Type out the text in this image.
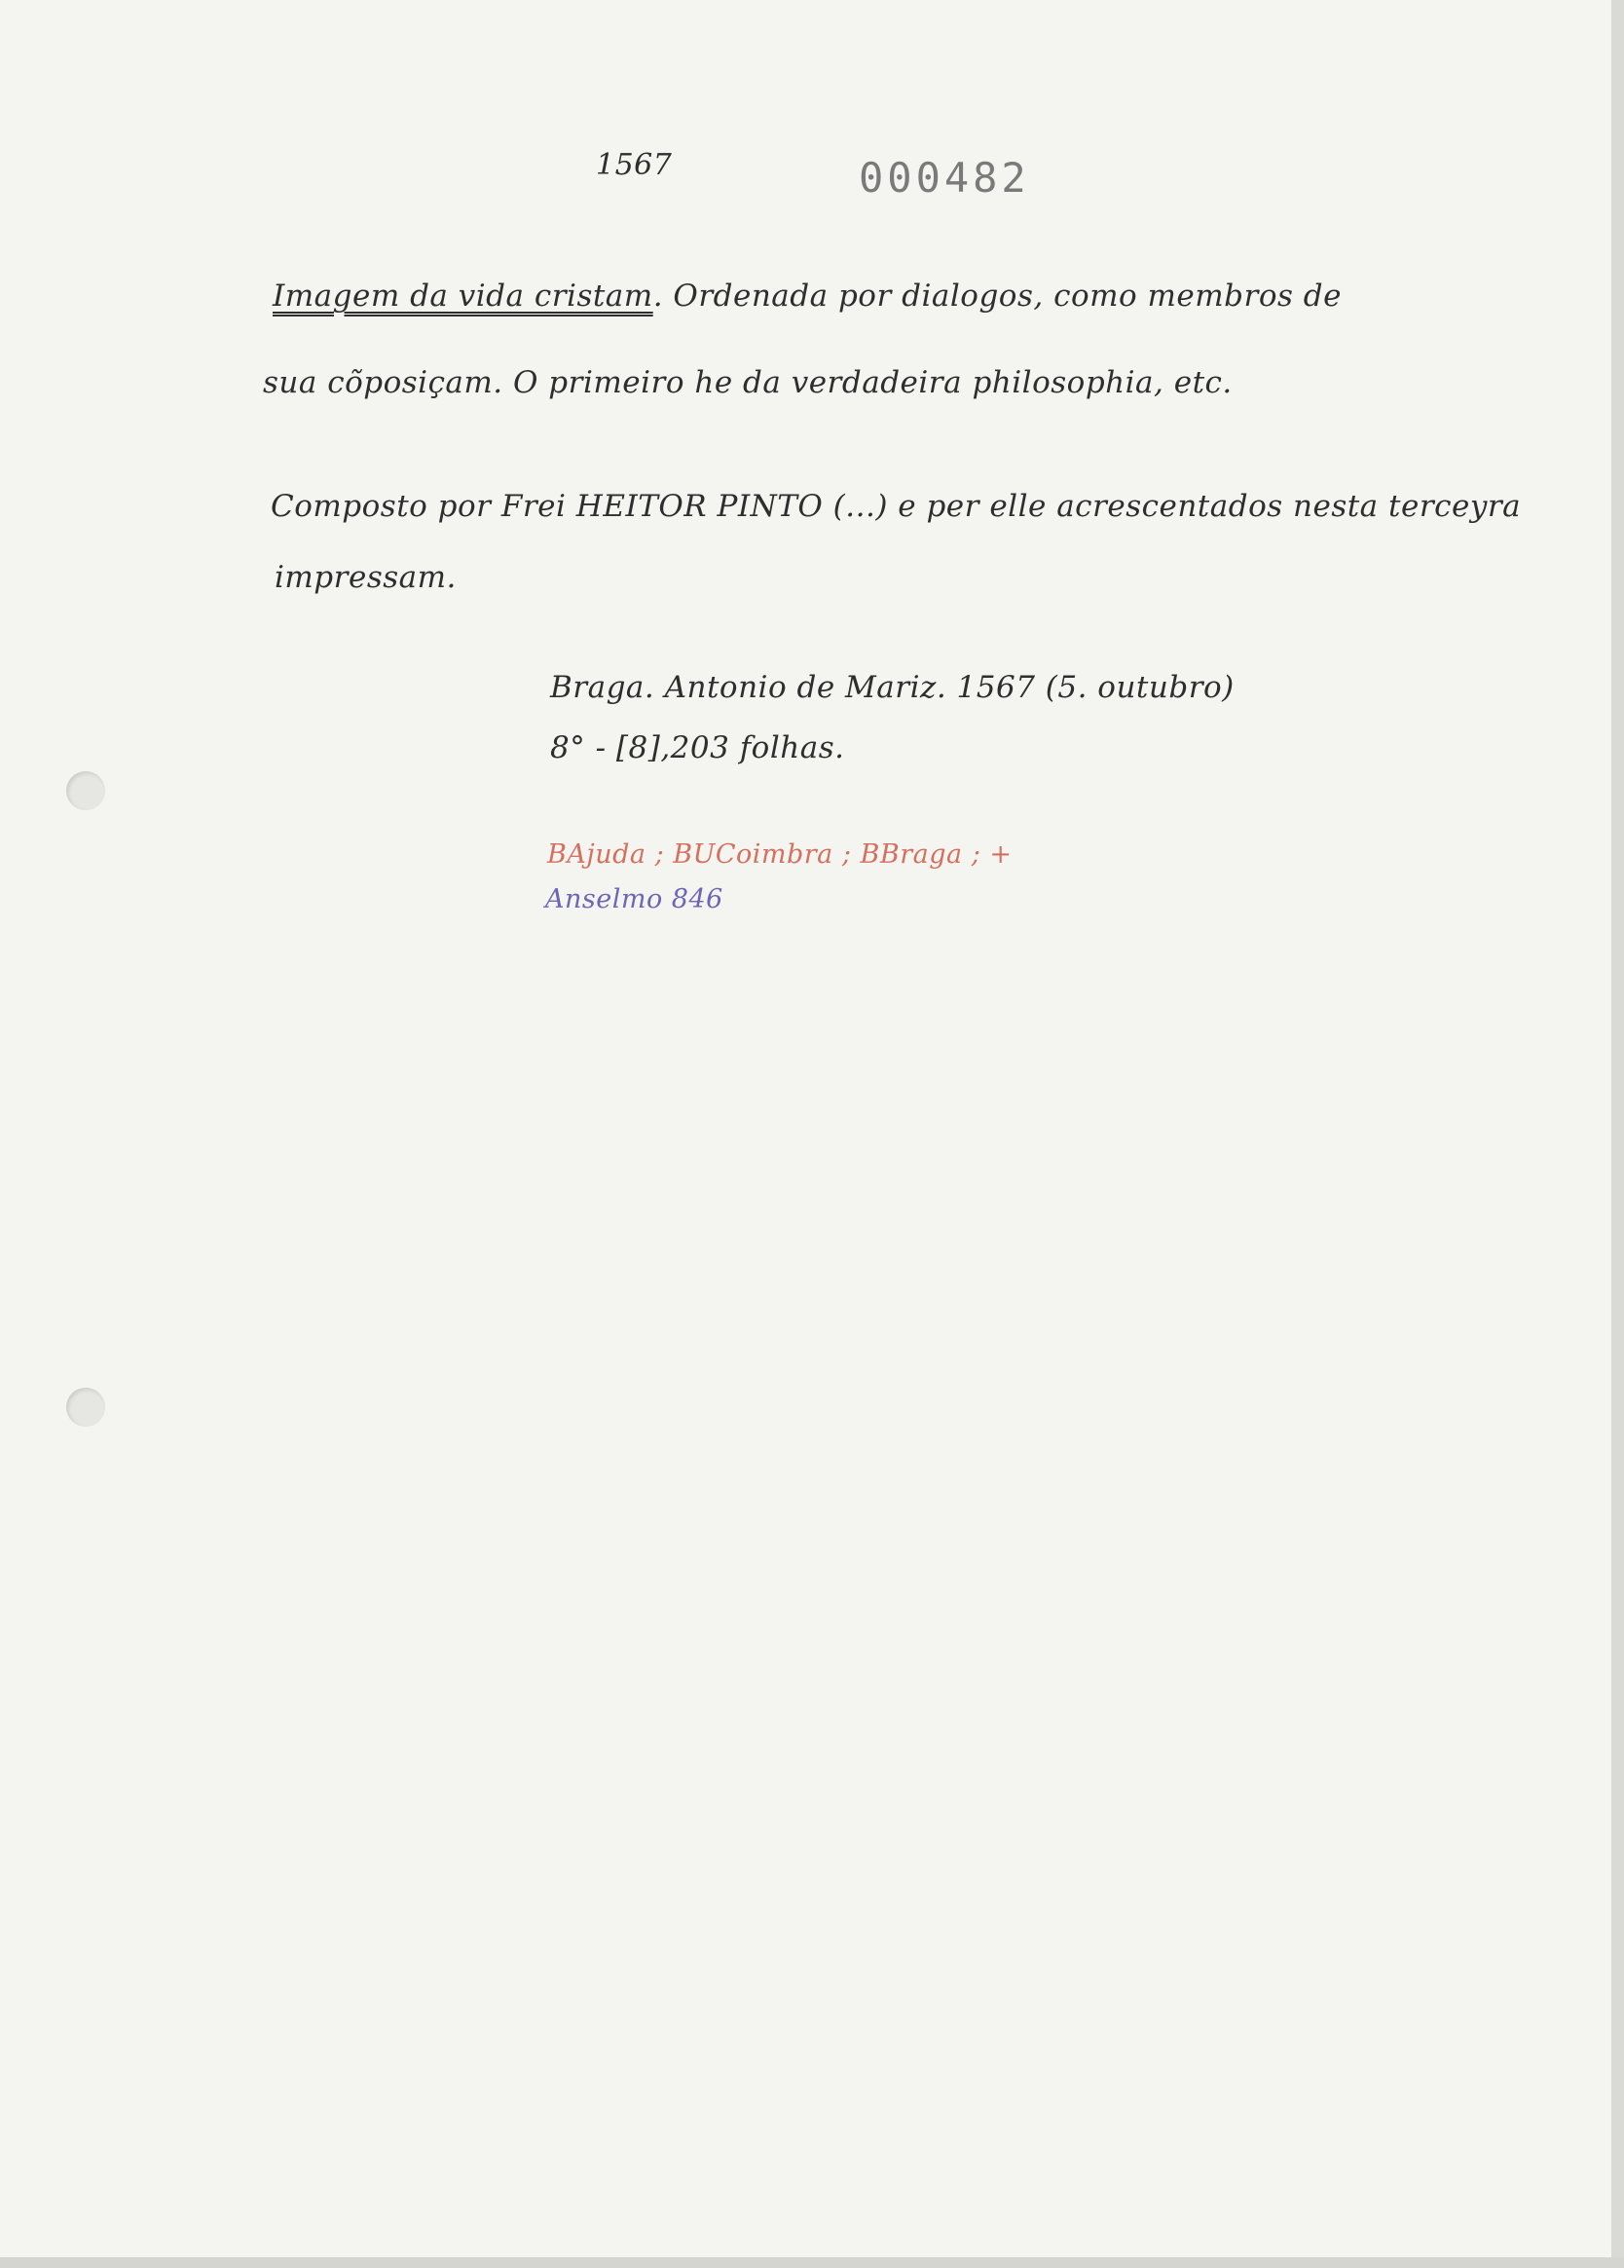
1567	000482
Imagem da vida cristam. Ordenada por dialogos, como membros de
sua cõposiçam. O primeiro he da verdadeira philosophia, etc.
Composto por Frei HEITOR PINTO (...) e per elle acrescentados nesta terceyra
impressam.
Braga. Antonio de Mariz. 1567 (5. outubro)
8° - [8],203 folhas.
BAjuda ; BUCoimbra ; BBraga ; +
Anselmo 846
